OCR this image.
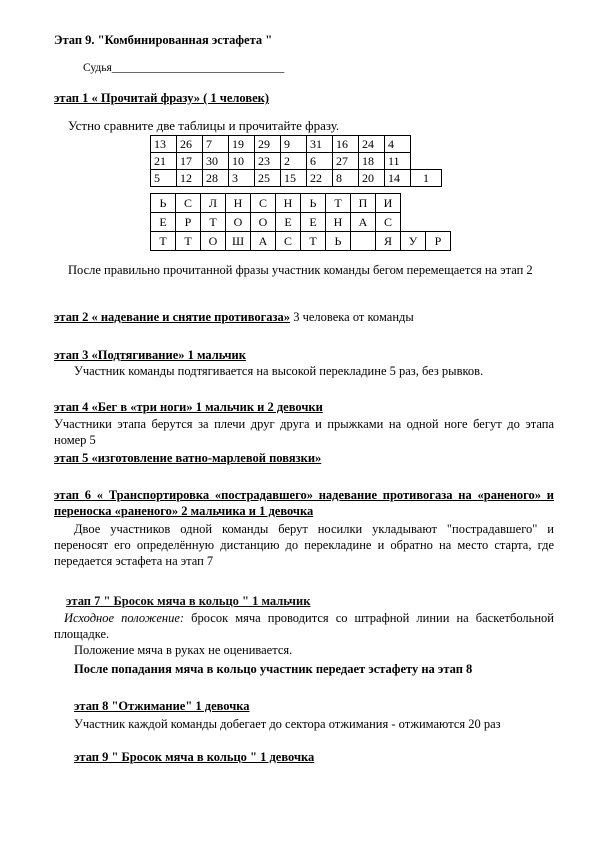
Этап 9. "Комбинированная эстафета "
Судья______________________________
этап 1 « Прочитай фразу» ( 1 человек)
Устно сравните две таблицы и прочитайте фразу.
13	26	7	19	29	9	31	16	24	4	
21	17	30	10	23	2	6	27	18	11	
5	12	28	3	25	15	22	8	20	14	1
Ь	С	Л	Н	С	Н	Ь	Т	П	И		
Е	Р	Т	О	О	Е	Е	Н	А	С		
Т	Т	О	Ш	А	С	Т	Ь		Я	У	Р
После правильно прочитанной фразы участник команды бегом перемещается на этап 2
этап 2 « надевание и снятие противогаза» 3 человека от команды
этап 3 «Подтягивание» 1 мальчик
Участник команды подтягивается на высокой перекладине 5 раз, без рывков.
этап 4 «Бег в «три ноги» 1 мальчик и 2 девочки
Участники этапа берутся за плечи друг друга и прыжками на одной ноге бегут до этапа номер 5
этап 5 «изготовление ватно-марлевой повязки»
этап 6 « Транспортировка «пострадавшего» надевание противогаза на «раненого» и переноска «раненого» 2 мальчика и 1 девочка
Двое участников одной команды берут носилки укладывают "пострадавшего" и переносят его определённую дистанцию до перекладине и обратно на место старта, где передается эстафета на этап 7
этап 7 " Бросок мяча в кольцо " 1 мальчик
Исходное положение: бросок мяча проводится со штрафной линии на баскетбольной площадке.
Положение мяча в руках не оценивается.
После попадания мяча в кольцо участник передает эстафету на этап 8
этап 8 "Отжимание" 1 девочка
Участник каждой команды добегает до сектора отжимания - отжимаются 20 раз
этап 9 " Бросок мяча в кольцо " 1 девочка
